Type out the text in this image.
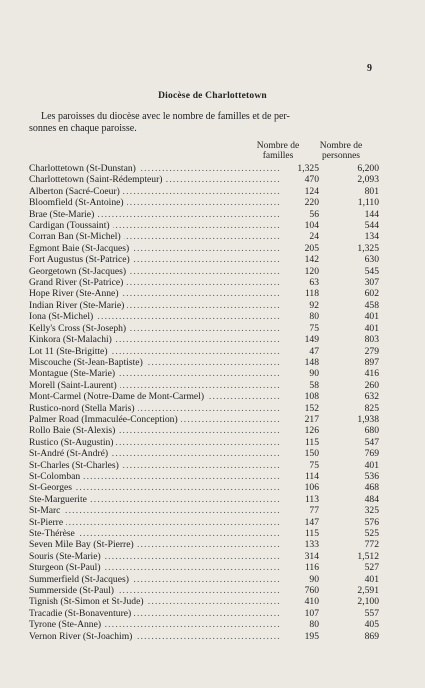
9
Diocèse de Charlottetown
Les paroisses du diocèse avec le nombre de familles et de per-
sonnes en chaque paroisse.
Nombre de
familles
Nombre de
personnes
.....
Charlottetown (St-Dunstan)	1,325	6,200
.....
Charlottetown (Saint-Rédempteur)	470	2,093
.....
Alberton (Sacré-Coeur)	124	801
.....
Bloomfield (St-Antoine)	220	1,110
.....
Brae (Ste-Marie)	56	144
.....
Cardigan (Toussaint)	104	544
.....
Corran Ban (St-Michel)	24	134
.....
Egmont Baie (St-Jacques)	205	1,325
.....
Fort Augustus (St-Patrice)	142	630
.....
Georgetown (St-Jacques)	120	545
.....
Grand River (St-Patrice)	63	307
.....
Hope River (Ste-Anne)	118	602
.....
Indian River (Ste-Marie)	92	458
.....
Iona (St-Michel)	80	401
.....
Kelly's Cross (St-Joseph)	75	401
.....
Kinkora (St-Malachi)	149	803
.....
Lot 11 (Ste-Brigitte)	47	279
.....
Miscouche (St-Jean-Baptiste)	148	897
.....
Montague (Ste-Marie)	90	416
.....
Morell (Saint-Laurent)	58	260
.....
Mont-Carmel (Notre-Dame de Mont-Carmel)	108	632
.....
Rustico-nord (Stella Maris)	152	825
.....
Palmer Road (Immaculée-Conception)	217	1,938
.....
Rollo Baie (St-Alexis)	126	680
.....
Rustico (St-Augustin)	115	547
.....
St-André (St-André)	150	769
.....
St-Charles (St-Charles)	75	401
.....
St-Colomban	114	536
.....
St-Georges	106	468
.....
Ste-Marguerite	113	484
.....
St-Marc	77	325
.....
St-Pierre	147	576
.....
Ste-Thérèse	115	525
.....
Seven Mile Bay (St-Pierre)	133	772
.....
Souris (Ste-Marie)	314	1,512
.....
Sturgeon (St-Paul)	116	527
.....
Summerfield (St-Jacques)	90	401
.....
Summerside (St-Paul)	760	2,591
.....
Tignish (St-Simon et St-Jude)	410	2,100
.....
Tracadie (St-Bonaventure)	107	557
.....
Tyrone (Ste-Anne)	80	405
.....
Vernon River (St-Joachim)	195	869
